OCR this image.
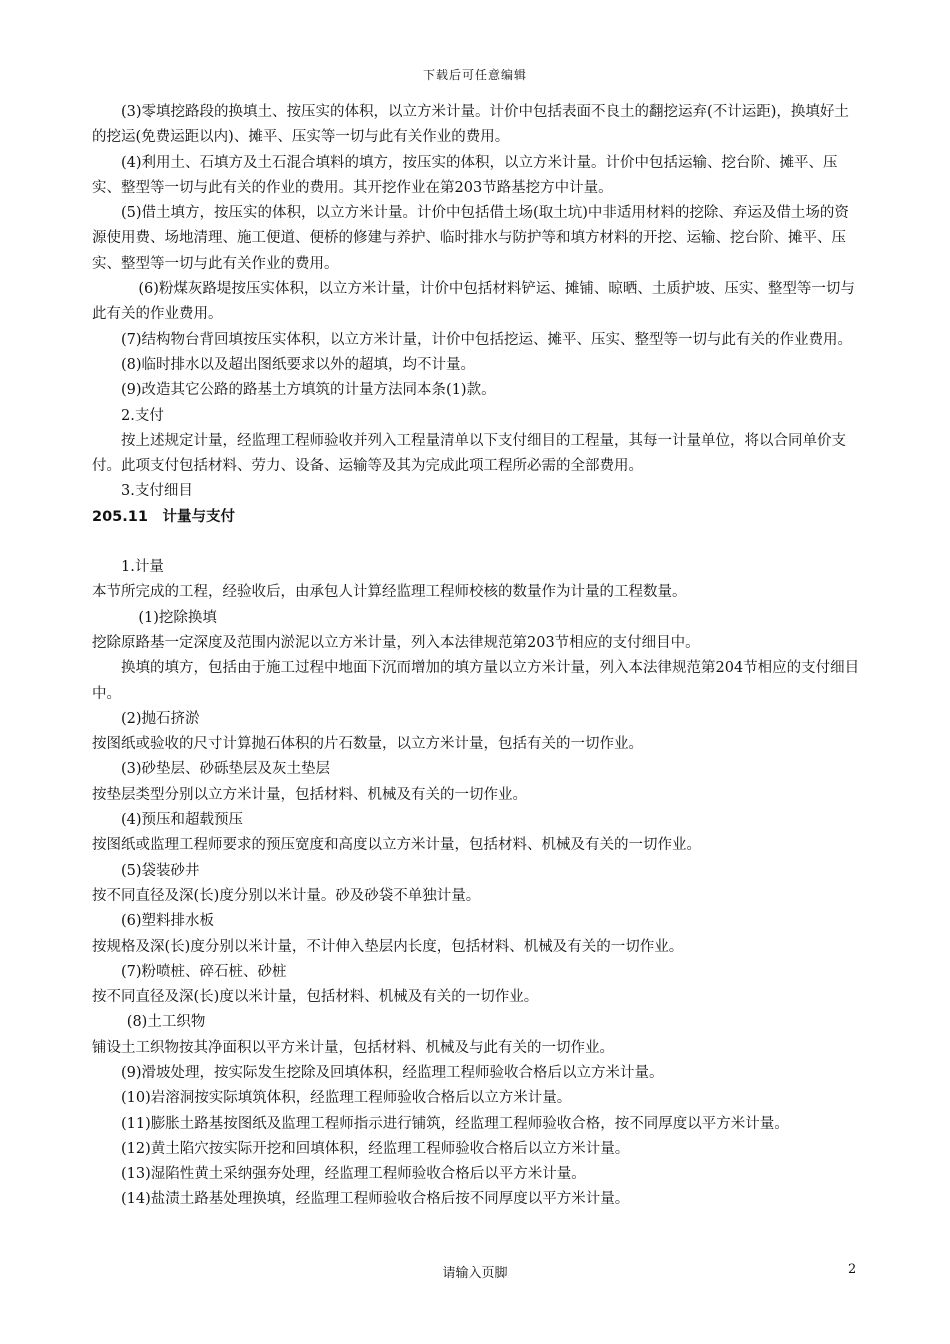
下载后可任意编辑

(3)零填挖路段的换填土、按压实的体积，以立方米计量。计价中包括表面不良土的翻挖运弃(不计运距)，换填好土的挖运(免费运距以内)、摊平、压实等一切与此有关作业的费用。

(4)利用土、石填方及土石混合填料的填方，按压实的体积，以立方米计量。计价中包括运输、挖台阶、摊平、压实、整型等一切与此有关的作业的费用。其开挖作业在第203节路基挖方中计量。

(5)借土填方，按压实的体积，以立方米计量。计价中包括借土场(取土坑)中非适用材料的挖除、弃运及借土场的资源使用费、场地清理、施工便道、便桥的修建与养护、临时排水与防护等和填方材料的开挖、运输、挖台阶、摊平、压实、整型等一切与此有关作业的费用。

(6)粉煤灰路堤按压实体积，以立方米计量，计价中包括材料铲运、摊铺、晾晒、土质护坡、压实、整型等一切与此有关的作业费用。

(7)结构物台背回填按压实体积，以立方米计量，计价中包括挖运、摊平、压实、整型等一切与此有关的作业费用。

(8)临时排水以及超出图纸要求以外的超填，均不计量。

(9)改造其它公路的路基土方填筑的计量方法同本条(1)款。

2.支付

按上述规定计量，经监理工程师验收并列入工程量清单以下支付细目的工程量，其每一计量单位，将以合同单价支付。此项支付包括材料、劳力、设备、运输等及其为完成此项工程所必需的全部费用。

3.支付细目

205.11　计量与支付

1.计量

本节所完成的工程，经验收后，由承包人计算经监理工程师校核的数量作为计量的工程数量。

(1)挖除换填

挖除原路基一定深度及范围内淤泥以立方米计量，列入本法律规范第203节相应的支付细目中。

换填的填方，包括由于施工过程中地面下沉而增加的填方量以立方米计量，列入本法律规范第204节相应的支付细目中。

(2)抛石挤淤

按图纸或验收的尺寸计算抛石体积的片石数量，以立方米计量，包括有关的一切作业。

(3)砂垫层、砂砾垫层及灰土垫层

按垫层类型分别以立方米计量，包括材料、机械及有关的一切作业。

(4)预压和超载预压

按图纸或监理工程师要求的预压宽度和高度以立方米计量，包括材料、机械及有关的一切作业。

(5)袋装砂井

按不同直径及深(长)度分别以米计量。砂及砂袋不单独计量。

(6)塑料排水板

按规格及深(长)度分别以米计量，不计伸入垫层内长度，包括材料、机械及有关的一切作业。

(7)粉喷桩、碎石桩、砂桩

按不同直径及深(长)度以米计量，包括材料、机械及有关的一切作业。

(8)土工织物

铺设土工织物按其净面积以平方米计量，包括材料、机械及与此有关的一切作业。

(9)滑坡处理，按实际发生挖除及回填体积，经监理工程师验收合格后以立方米计量。

(10)岩溶洞按实际填筑体积，经监理工程师验收合格后以立方米计量。

(11)膨胀土路基按图纸及监理工程师指示进行铺筑，经监理工程师验收合格，按不同厚度以平方米计量。

(12)黄土陷穴按实际开挖和回填体积，经监理工程师验收合格后以立方米计量。

(13)湿陷性黄土采纳强夯处理，经监理工程师验收合格后以平方米计量。

(14)盐渍土路基处理换填，经监理工程师验收合格后按不同厚度以平方米计量。

请输入页脚	2
